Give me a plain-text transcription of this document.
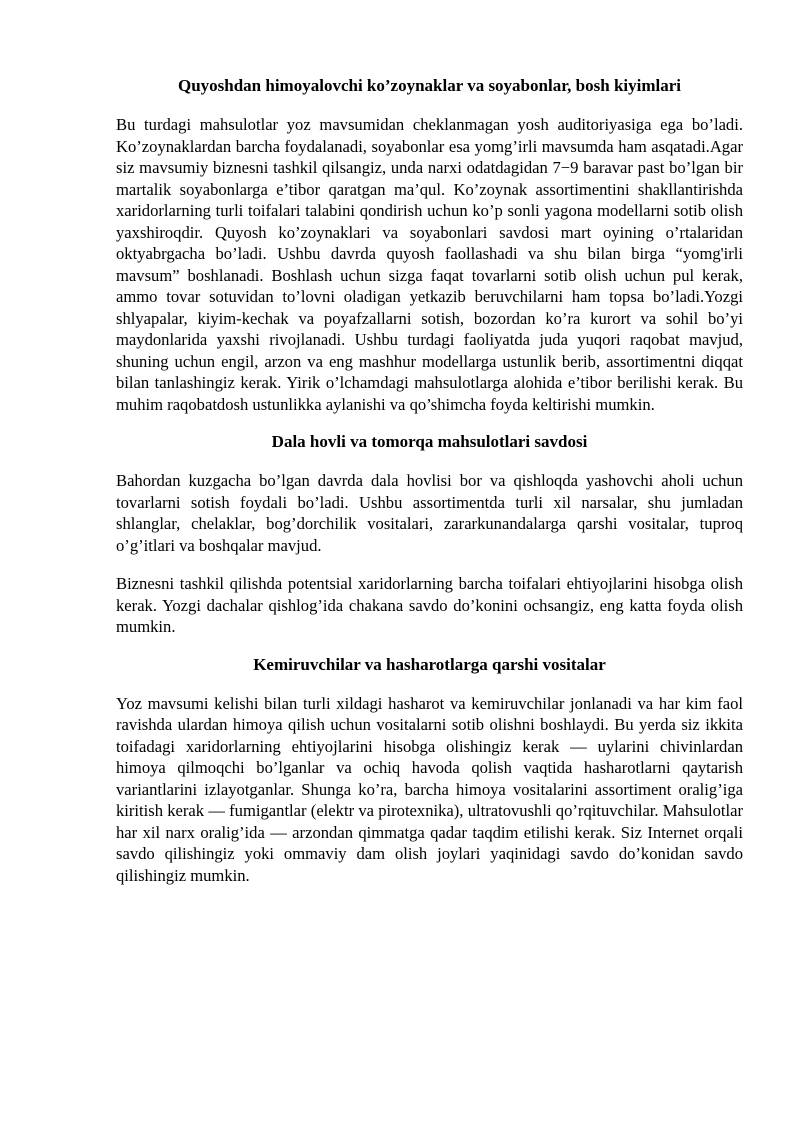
Quyoshdan himoyalovchi ko’zoynaklar va soyabonlar, bosh kiyimlari

Bu turdagi mahsulotlar yoz mavsumidan cheklanmagan yosh auditoriyasiga ega bo’ladi. Ko’zoynaklardan barcha foydalanadi, soyabonlar esa yomg’irli mavsumda ham asqatadi.Agar siz mavsumiy biznesni tashkil qilsangiz, unda narxi odatdagidan 7−9 baravar past bo’lgan bir martalik soyabonlarga e’tibor qaratgan ma’qul. Ko’zoynak assortimentini shakllantirishda xaridorlarning turli toifalari talabini qondirish uchun ko’p sonli yagona modellarni sotib olish yaxshiroqdir. Quyosh ko’zoynaklari va soyabonlari savdosi mart oyining o’rtalaridan oktyabrgacha bo’ladi. Ushbu davrda quyosh faollashadi va shu bilan birga “yomg'irli mavsum” boshlanadi. Boshlash uchun sizga faqat tovarlarni sotib olish uchun pul kerak, ammo tovar sotuvidan to’lovni oladigan yetkazib beruvchilarni ham topsa bo’ladi.Yozgi shlyapalar, kiyim-kechak va poyafzallarni sotish, bozordan ko’ra kurort va sohil bo’yi maydonlarida yaxshi rivojlanadi. Ushbu turdagi faoliyatda juda yuqori raqobat mavjud, shuning uchun engil, arzon va eng mashhur modellarga ustunlik berib, assortimentni diqqat bilan tanlashingiz kerak. Yirik o’lchamdagi mahsulotlarga alohida e’tibor berilishi kerak. Bu muhim raqobatdosh ustunlikka aylanishi va qo’shimcha foyda keltirishi mumkin.

Dala hovli va tomorqa mahsulotlari savdosi

Bahordan kuzgacha bo’lgan davrda dala hovlisi bor va qishloqda yashovchi aholi uchun tovarlarni sotish foydali bo’ladi. Ushbu assortimentda turli xil narsalar, shu jumladan shlanglar, chelaklar, bog’dorchilik vositalari, zararkunandalarga qarshi vositalar, tuproq o’g’itlari va boshqalar mavjud.

Biznesni tashkil qilishda potentsial xaridorlarning barcha toifalari ehtiyojlarini hisobga olish kerak. Yozgi dachalar qishlog’ida chakana savdo do’konini ochsangiz, eng katta foyda olish mumkin.

Kemiruvchilar va hasharotlarga qarshi vositalar

Yoz mavsumi kelishi bilan turli xildagi hasharot va kemiruvchilar jonlanadi va har kim faol ravishda ulardan himoya qilish uchun vositalarni sotib olishni boshlaydi. Bu yerda siz ikkita toifadagi xaridorlarning ehtiyojlarini hisobga olishingiz kerak — uylarini chivinlardan himoya qilmoqchi bo’lganlar va ochiq havoda qolish vaqtida hasharotlarni qaytarish variantlarini izlayotganlar. Shunga ko’ra, barcha himoya vositalarini assortiment oralig’iga kiritish kerak — fumigantlar (elektr va pirotexnika), ultratovushli qo’rqituvchilar. Mahsulotlar har xil narx oralig’ida — arzondan qimmatga qadar taqdim etilishi kerak. Siz Internet orqali savdo qilishingiz yoki ommaviy dam olish joylari yaqinidagi savdo do’konidan savdo qilishingiz mumkin.
